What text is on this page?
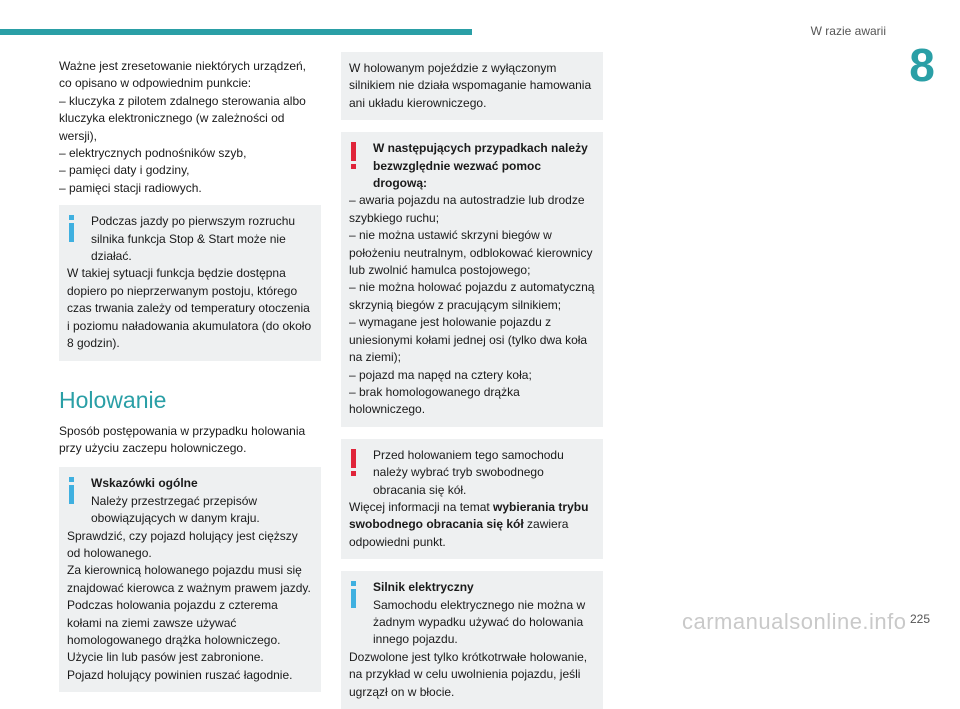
W razie awarii
8

Ważne jest zresetowanie niektórych urządzeń, co opisano w odpowiednim punkcie:

– kluczyka z pilotem zdalnego sterowania albo kluczyka elektronicznego (w zależności od wersji),

– elektrycznych podnośników szyb,

– pamięci daty i godziny,

– pamięci stacji radiowych.

Podczas jazdy po pierwszym rozruchu silnika funkcja Stop & Start może nie działać.

W takiej sytuacji funkcja będzie dostępna dopiero po nieprzerwanym postoju, którego czas trwania zależy od temperatury otoczenia i poziomu naładowania akumulatora (do około 8 godzin).

Holowanie

Sposób postępowania w przypadku holowania przy użyciu zaczepu holowniczego.

Wskazówki ogólne

Należy przestrzegać przepisów obowiązujących w danym kraju.

Sprawdzić, czy pojazd holujący jest cięższy od holowanego.

Za kierownicą holowanego pojazdu musi się znajdować kierowca z ważnym prawem jazdy.

Podczas holowania pojazdu z czterema kołami na ziemi zawsze używać homologowanego drążka holowniczego. Użycie lin lub pasów jest zabronione.

Pojazd holujący powinien ruszać łagodnie.

W holowanym pojeździe z wyłączonym silnikiem nie działa wspomaganie hamowania ani układu kierowniczego.

W następujących przypadkach należy bezwzględnie wezwać pomoc drogową:

– awaria pojazdu na autostradzie lub drodze szybkiego ruchu;

– nie można ustawić skrzyni biegów w położeniu neutralnym, odblokować kierownicy lub zwolnić hamulca postojowego;

– nie można holować pojazdu z automatyczną skrzynią biegów z pracującym silnikiem;

– wymagane jest holowanie pojazdu z uniesionymi kołami jednej osi (tylko dwa koła na ziemi);

– pojazd ma napęd na cztery koła;

– brak homologowanego drążka holowniczego.

Przed holowaniem tego samochodu należy wybrać tryb swobodnego obracania się kół.

Więcej informacji na temat wybierania trybu swobodnego obracania się kół zawiera odpowiedni punkt.

Silnik elektryczny

Samochodu elektrycznego nie można w żadnym wypadku używać do holowania innego pojazdu.

Dozwolone jest tylko krótkotrwałe holowanie, na przykład w celu uwolnienia pojazdu, jeśli ugrzązł on w błocie.

carmanualsonline.info 225
